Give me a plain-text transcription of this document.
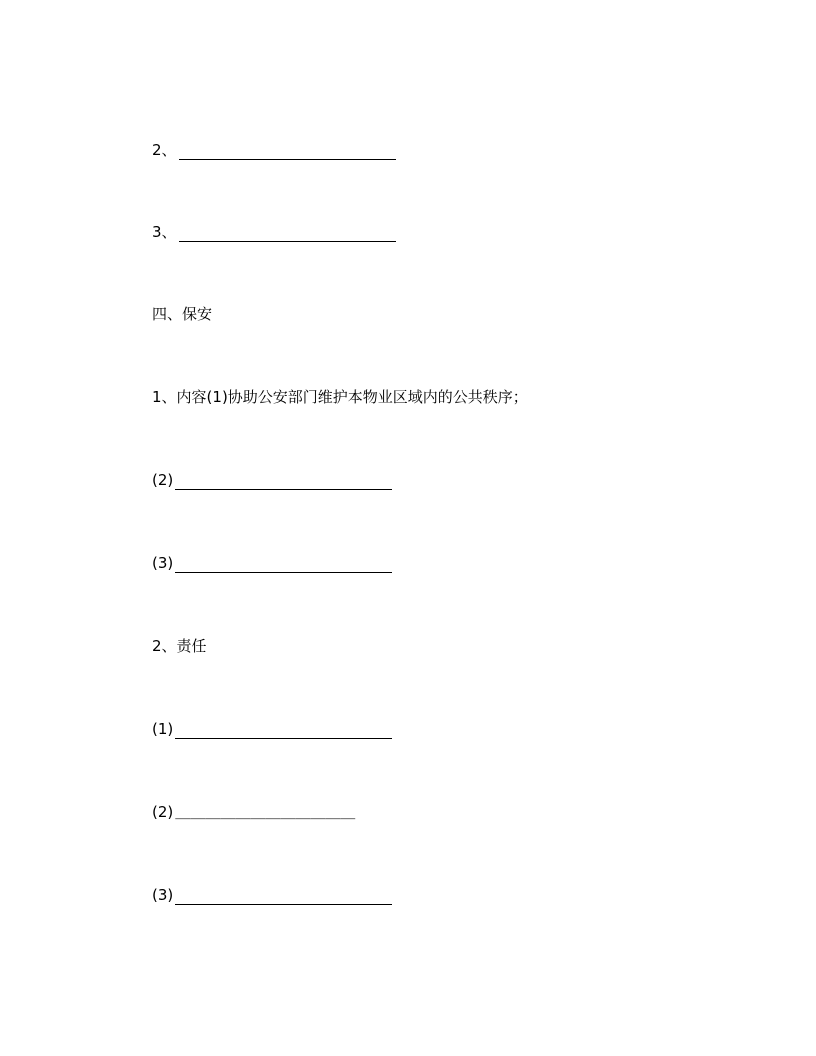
2、
3、
四、保安
1、内容(1)协助公安部门维护本物业区域内的公共秩序；
(2)
(3)
2、责任
(1)
(2) ＿＿＿＿＿＿＿＿＿＿＿＿
(3)
